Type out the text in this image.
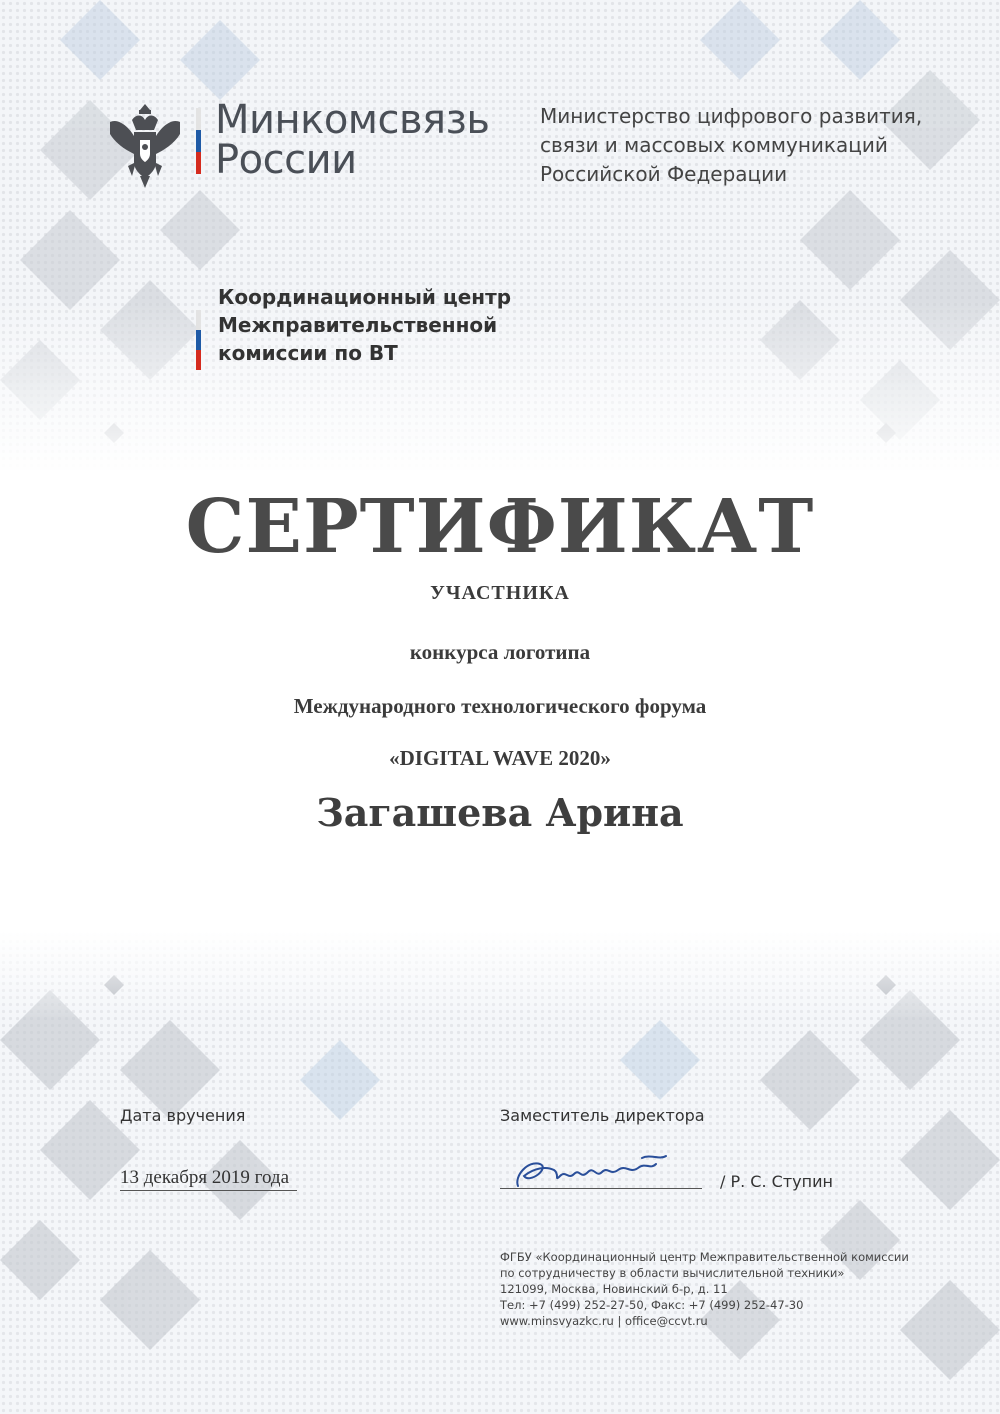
Минкомсвязь
России
Министерство цифрового развития,
связи и массовых коммуникаций
Российской Федерации
Координационный центр
Межправительственной
комиссии по ВТ
СЕРТИФИКАТ
УЧАСТНИКА
конкурса логотипа
Международного технологического форума
«DIGITAL WAVE 2020»
Загашева Арина
Дата вручения
13 декабря 2019 года
Заместитель директора
/ Р. С. Ступин
ФГБУ «Координационный центр Межправительственной комиссии
по сотрудничеству в области вычислительной техники»
121099, Москва, Новинский б-р, д. 11
Тел: +7 (499) 252-27-50, Факс: +7 (499) 252-47-30
www.minsvyazkc.ru | office@ccvt.ru
